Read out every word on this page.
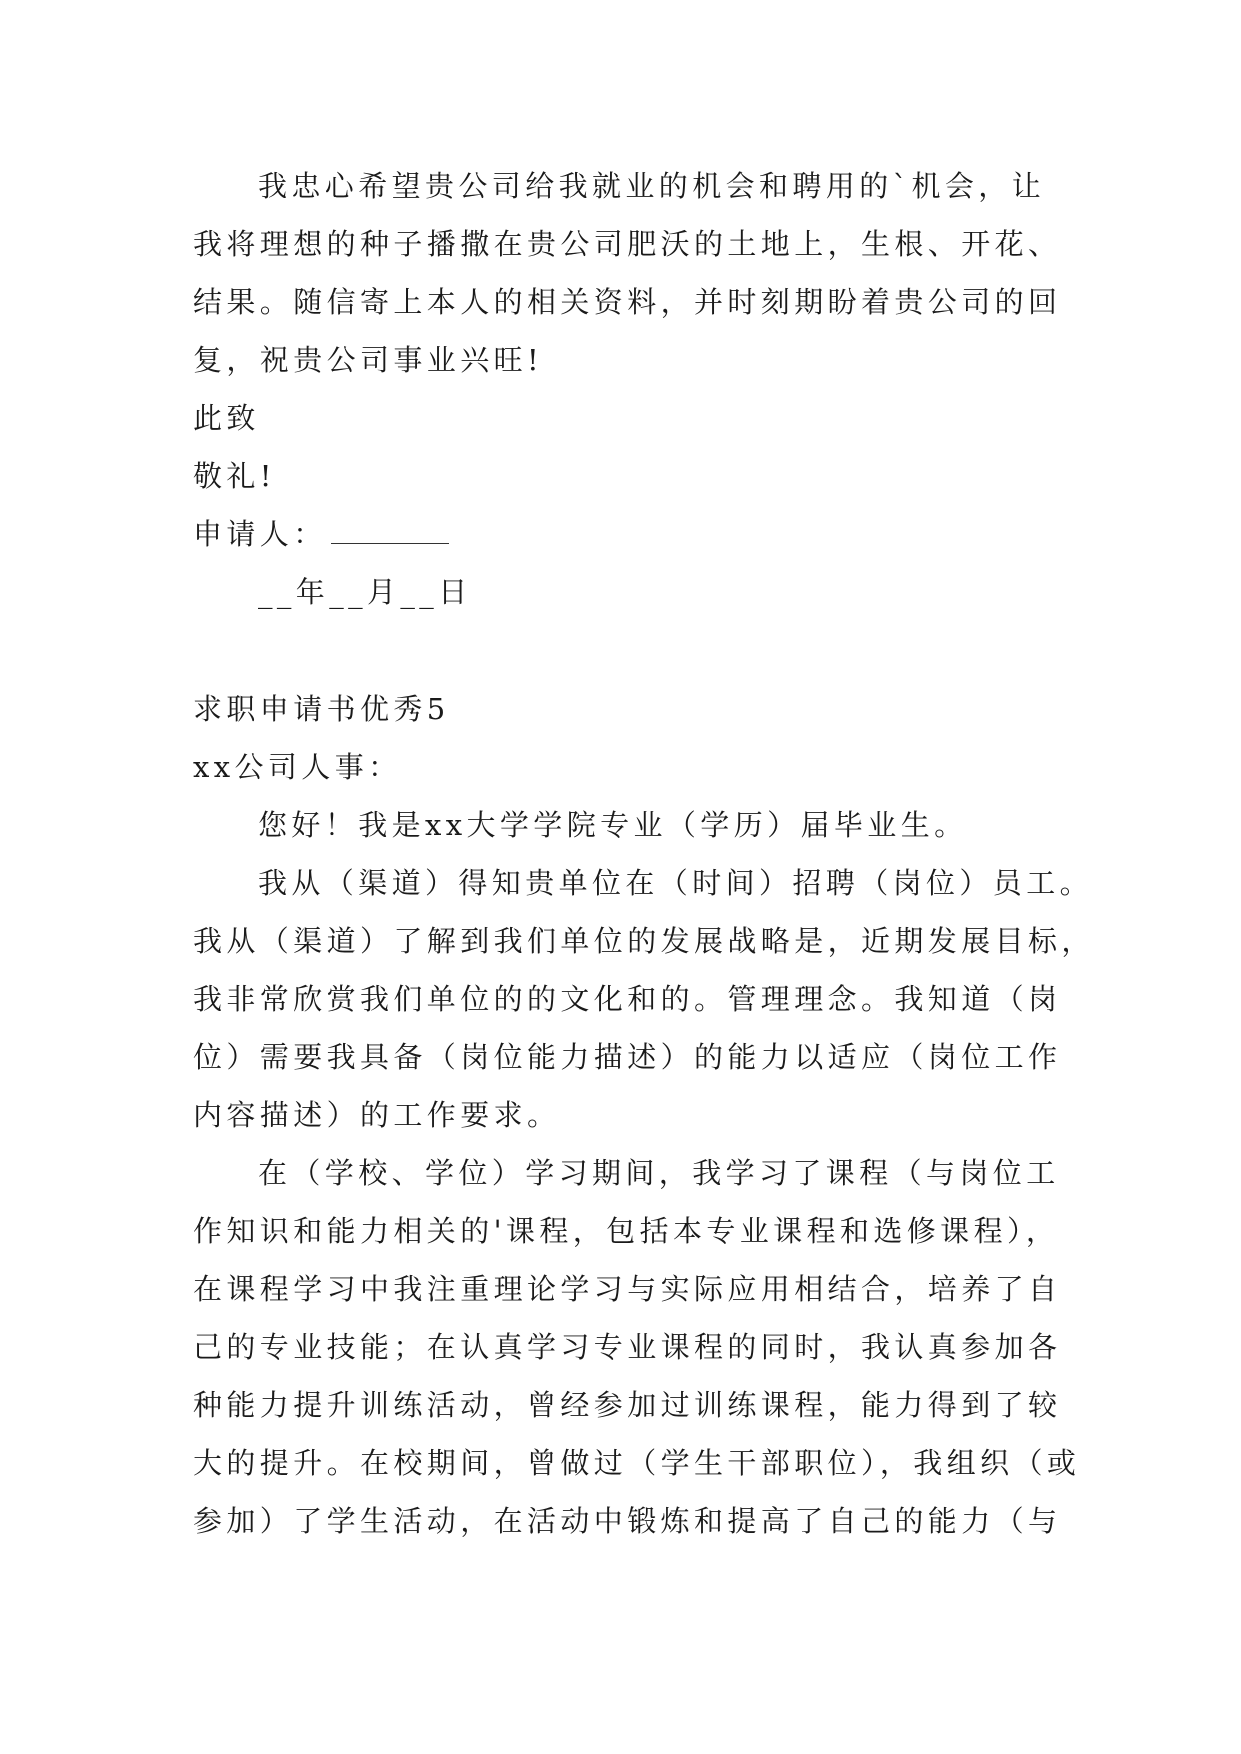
我忠心希望贵公司给我就业的机会和聘用的`机会，让
我将理想的种子播撒在贵公司肥沃的土地上，生根、开花、
结果。随信寄上本人的相关资料，并时刻期盼着贵公司的回
复，祝贵公司事业兴旺!
此致
敬礼!
申请人：
__年__月__日
求职申请书优秀5
xx公司人事：
您好！我是xx大学学院专业（学历）届毕业生。
我从（渠道）得知贵单位在（时间）招聘（岗位）员工。
我从（渠道）了解到我们单位的发展战略是，近期发展目标，
我非常欣赏我们单位的的文化和的。管理理念。我知道（岗
位）需要我具备（岗位能力描述）的能力以适应（岗位工作
内容描述）的工作要求。
在（学校、学位）学习期间，我学习了课程（与岗位工
作知识和能力相关的'课程，包括本专业课程和选修课程），
在课程学习中我注重理论学习与实际应用相结合，培养了自
己的专业技能；在认真学习专业课程的同时，我认真参加各
种能力提升训练活动，曾经参加过训练课程，能力得到了较
大的提升。在校期间，曾做过（学生干部职位），我组织（或
参加）了学生活动，在活动中锻炼和提高了自己的能力（与
